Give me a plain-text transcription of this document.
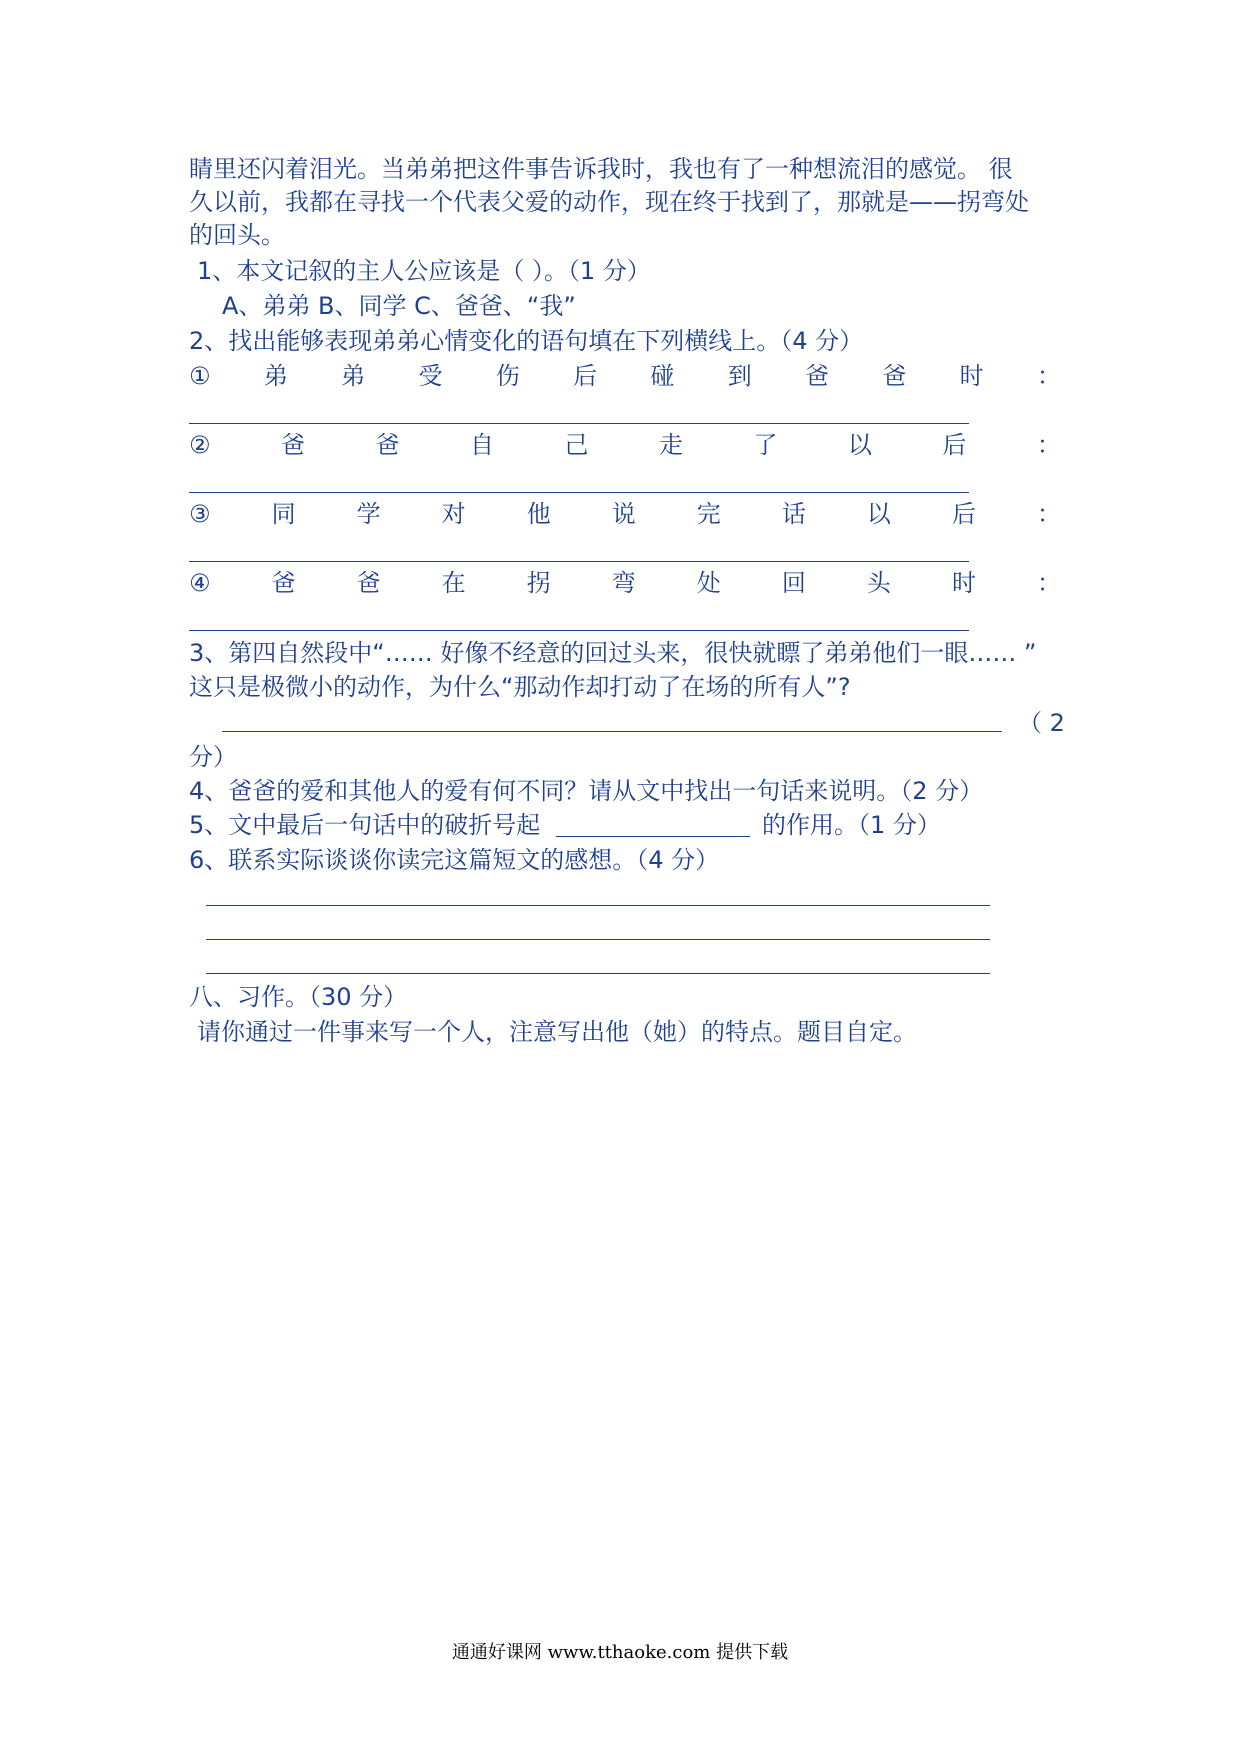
睛里还闪着泪光。当弟弟把这件事告诉我时，我也有了一种想流泪的感觉。 很
久以前，我都在寻找一个代表父爱的动作，现在终于找到了，那就是——拐弯处
的回头。
1、本文记叙的主人公应该是（ ）。（1 分）
A、弟弟 B、同学 C、爸爸、“我”
2、找出能够表现弟弟心情变化的语句填在下列横线上。（4 分）
① 弟 弟 受 伤 后 碰 到 爸 爸 时 ：
②	爸	爸	自	己	走	了	以	后	：
③	同	学	对	他	说	完	话	以	后	：
④	爸	爸	在	拐	弯	处	回	头	时	：
3、第四自然段中“…… 好像不经意的回过头来，很快就瞟了弟弟他们一眼…… ”
这只是极微小的动作，为什么“那动作却打动了在场的所有人”?
（ 2
分）
4、爸爸的爱和其他人的爱有何不同？请从文中找出一句话来说明。（2 分）
5、文中最后一句话中的破折号起	的作用。（1 分）
6、联系实际谈谈你读完这篇短文的感想。（4 分）
八、习作。（30 分）
请你通过一件事来写一个人，注意写出他（她）的特点。题目自定。
通通好课网 www.tthaoke.com 提供下载
